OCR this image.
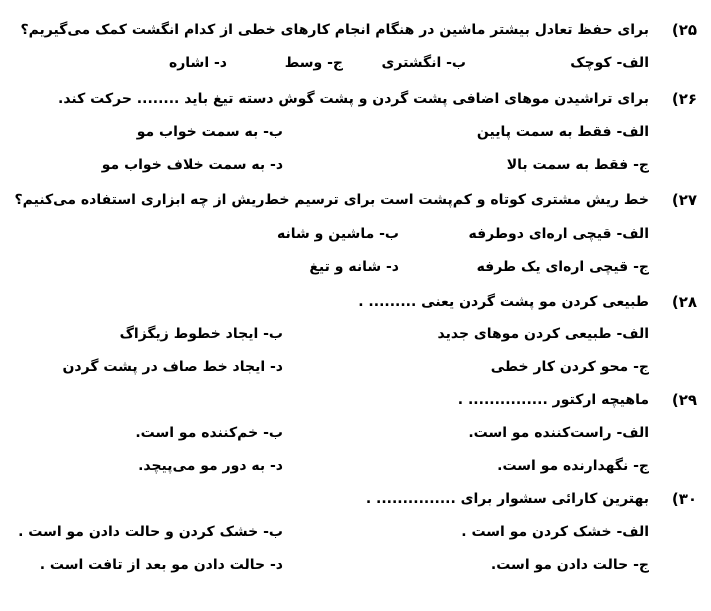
۲۵)
برای حفظ تعادل بیشتر ماشین در هنگام انجام کارهای خطی از کدام انگشت کمک می‌گیریم؟
الف- کوچک
ب- انگشتری
ج- وسط
د- اشاره
۲۶)
برای تراشیدن موهای اضافی پشت گردن و پشت گوش دسته تیغ باید ........ حرکت کند.
الف- فقط به سمت پایین
ب- به سمت خواب مو
ج- فقط به سمت بالا
د- به سمت خلاف خواب مو
۲۷)
خط ریش مشتری کوتاه و کم‌پشت است برای ترسیم خط‌ریش از چه ابزاری استفاده می‌کنیم؟
الف- قیچی اره‌ای دوطرفه
ب- ماشین و شانه
ج- قیچی اره‌ای یک طرفه
د- شانه و تیغ
۲۸)
طبیعی کردن مو پشت گردن یعنی ......... .
الف- طبیعی کردن موهای جدید
ب- ایجاد خطوط زیگزاگ
ج- محو کردن کار خطی
د- ایجاد خط صاف در پشت گردن
۲۹)
ماهیچه ارکتور ............... .
الف- راست‌کننده مو است.
ب- خم‌کننده مو است.
ج- نگهدارنده مو است.
د- به دور مو می‌پیچد.
۳۰)
بهترین کارائی سشوار برای ............... .
الف- خشک کردن مو است .
ب- خشک کردن و حالت دادن مو است .
ج- حالت دادن مو است.
د- حالت دادن مو بعد از تافت است .
